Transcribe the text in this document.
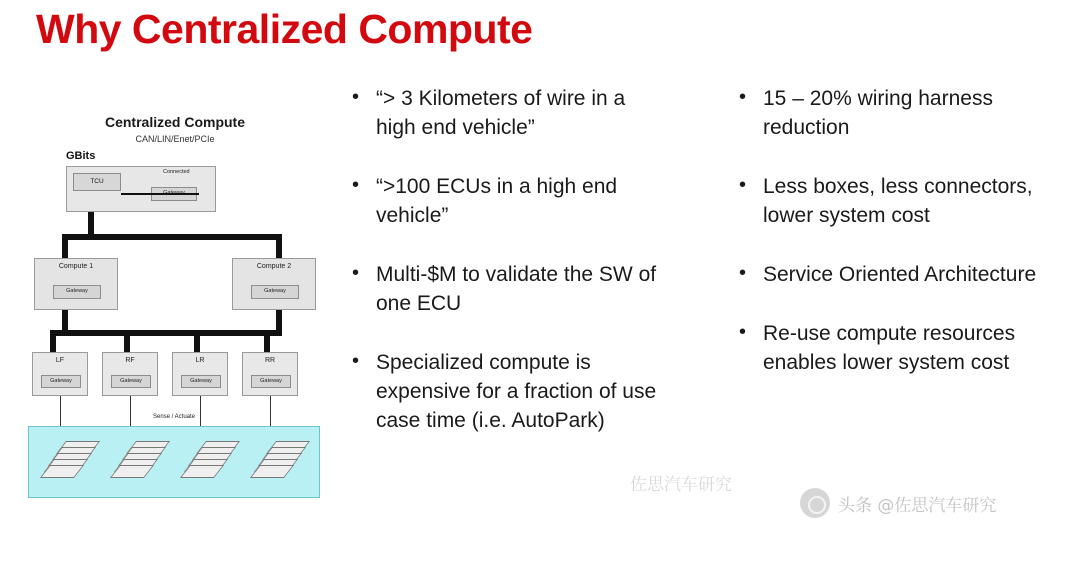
Why Centralized Compute
Centralized Compute
CAN/LIN/Enet/PCIe
GBits
TCU
Connected
Gateway
Compute 1
Gateway
Compute 2
Gateway
LF
Gateway
RF
Gateway
LR
Gateway
RR
Gateway
Sense / Actuate
• “> 3 Kilometers of wire in a high end vehicle”
• “>100 ECUs in a high end vehicle”
• Multi-$M to validate the SW of one ECU
• Specialized compute is expensive for a fraction of use case time (i.e. AutoPark)
• 15 – 20% wiring harness reduction
• Less boxes, less connectors, lower system cost
• Service Oriented Architecture
• Re-use compute resources enables lower system cost
佐思汽车研究
头条 @佐思汽车研究
